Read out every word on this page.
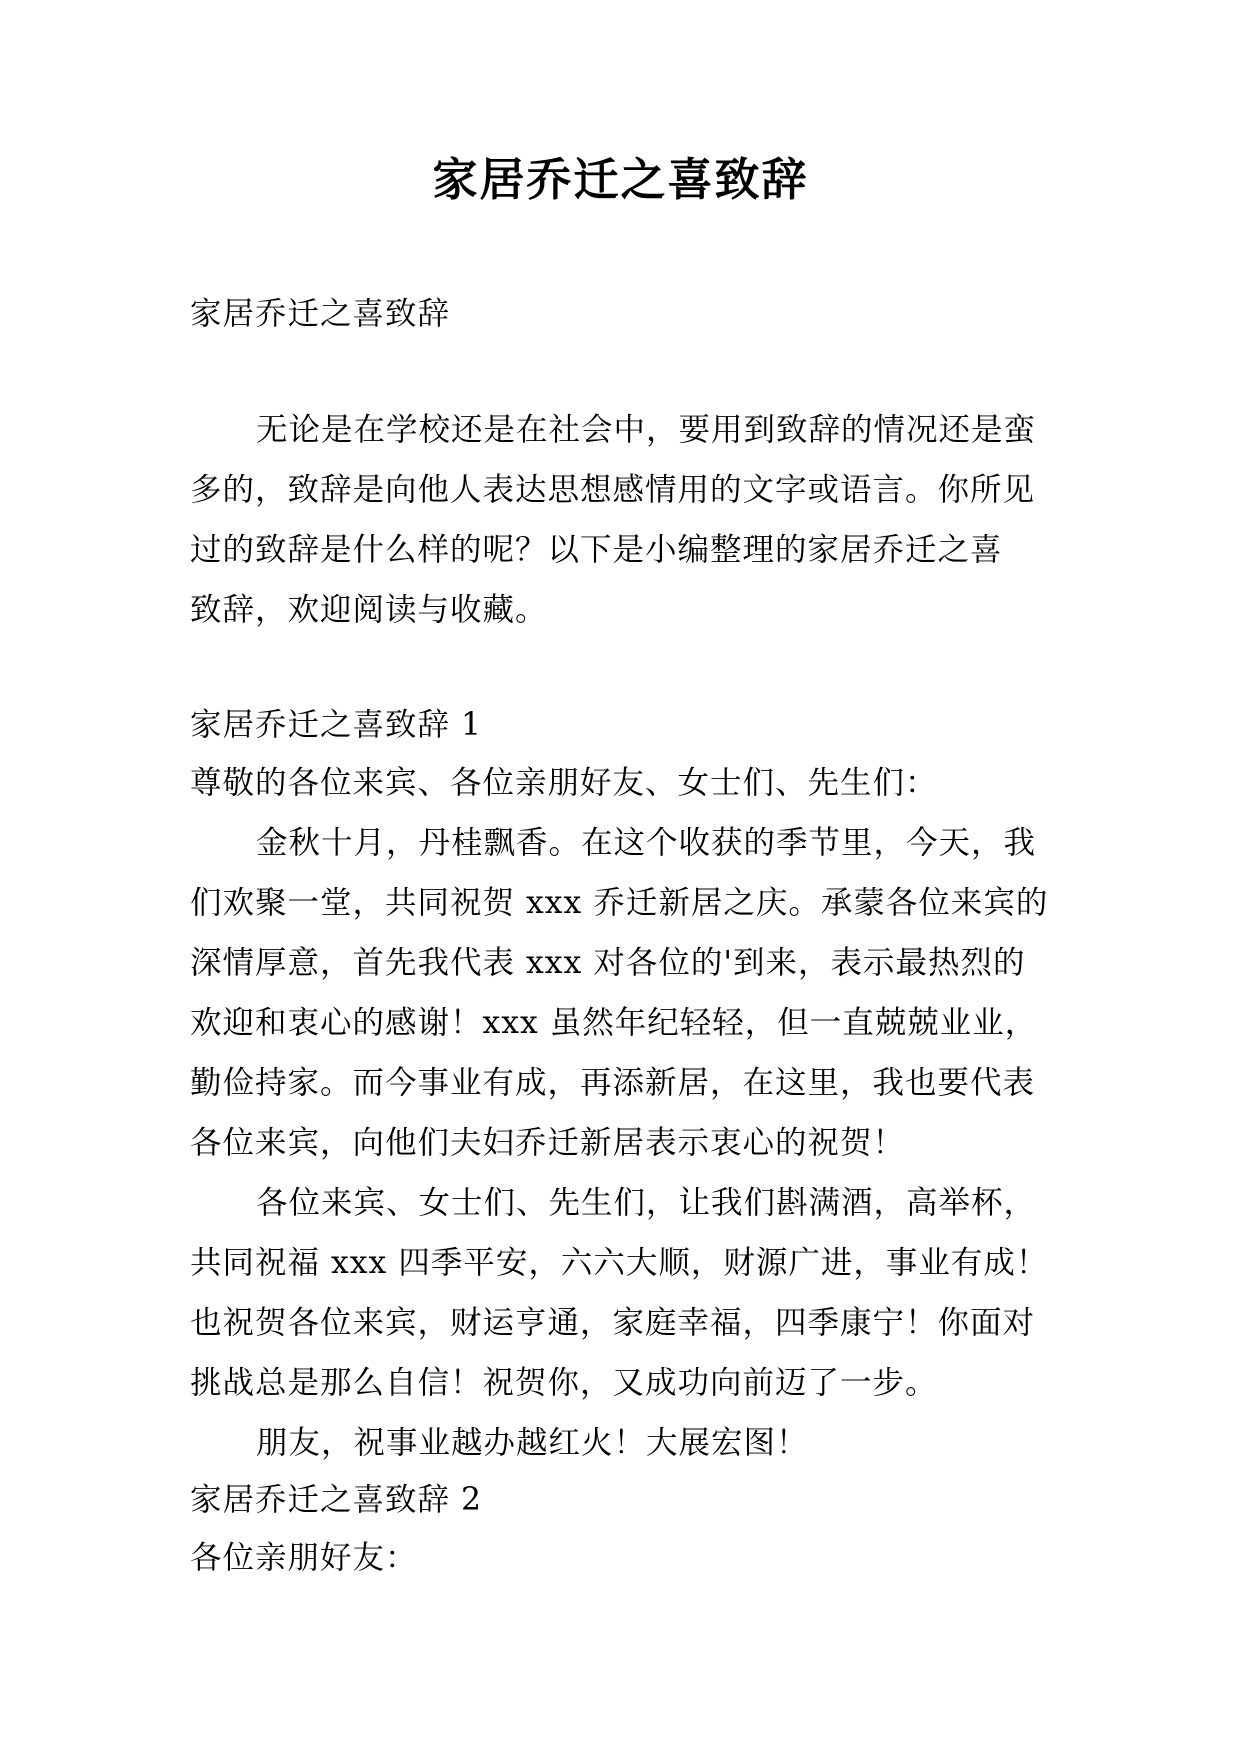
家居乔迁之喜致辞
家居乔迁之喜致辞
无论是在学校还是在社会中，要用到致辞的情况还是蛮
多的，致辞是向他人表达思想感情用的文字或语言。你所见
过的致辞是什么样的呢？以下是小编整理的家居乔迁之喜
致辞，欢迎阅读与收藏。
家居乔迁之喜致辞 1
尊敬的各位来宾、各位亲朋好友、女士们、先生们：
金秋十月，丹桂飘香。在这个收获的季节里，今天，我
们欢聚一堂，共同祝贺 xxx 乔迁新居之庆。承蒙各位来宾的
深情厚意，首先我代表 xxx 对各位的'到来，表示最热烈的
欢迎和衷心的感谢！xxx 虽然年纪轻轻，但一直兢兢业业，
勤俭持家。而今事业有成，再添新居，在这里，我也要代表
各位来宾，向他们夫妇乔迁新居表示衷心的祝贺！
各位来宾、女士们、先生们，让我们斟满酒，高举杯，
共同祝福 xxx 四季平安，六六大顺，财源广进，事业有成！
也祝贺各位来宾，财运亨通，家庭幸福，四季康宁！你面对
挑战总是那么自信！祝贺你，又成功向前迈了一步。
朋友，祝事业越办越红火！大展宏图！
家居乔迁之喜致辞 2
各位亲朋好友：
